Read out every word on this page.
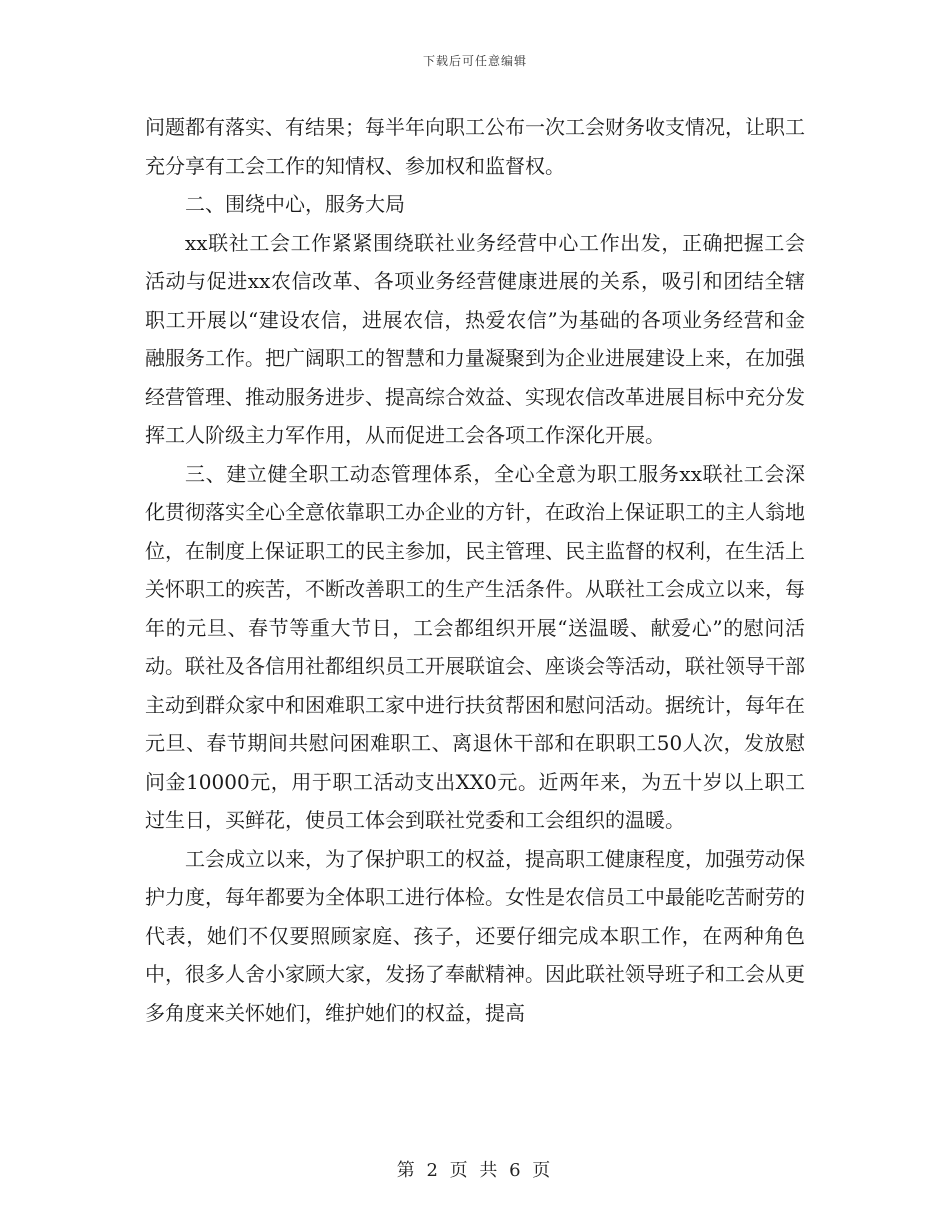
下载后可任意编辑

问题都有落实、有结果；每半年向职工公布一次工会财务收支情况，让职工充分享有工会工作的知情权、参加权和监督权。

二、围绕中心，服务大局

xx联社工会工作紧紧围绕联社业务经营中心工作出发，正确把握工会活动与促进xx农信改革、各项业务经营健康进展的关系，吸引和团结全辖职工开展以“建设农信，进展农信，热爱农信”为基础的各项业务经营和金融服务工作。把广阔职工的智慧和力量凝聚到为企业进展建设上来，在加强经营管理、推动服务进步、提高综合效益、实现农信改革进展目标中充分发挥工人阶级主力军作用，从而促进工会各项工作深化开展。

三、建立健全职工动态管理体系，全心全意为职工服务xx联社工会深化贯彻落实全心全意依靠职工办企业的方针，在政治上保证职工的主人翁地位，在制度上保证职工的民主参加，民主管理、民主监督的权利，在生活上关怀职工的疾苦，不断改善职工的生产生活条件。从联社工会成立以来，每年的元旦、春节等重大节日，工会都组织开展“送温暖、献爱心”的慰问活动。联社及各信用社都组织员工开展联谊会、座谈会等活动，联社领导干部主动到群众家中和困难职工家中进行扶贫帮困和慰问活动。据统计，每年在元旦、春节期间共慰问困难职工、离退休干部和在职职工50人次，发放慰问金10000元，用于职工活动支出XX0元。近两年来，为五十岁以上职工过生日，买鲜花，使员工体会到联社党委和工会组织的温暖。

工会成立以来，为了保护职工的权益，提高职工健康程度，加强劳动保护力度，每年都要为全体职工进行体检。女性是农信员工中最能吃苦耐劳的代表，她们不仅要照顾家庭、孩子，还要仔细完成本职工作，在两种角色中，很多人舍小家顾大家，发扬了奉献精神。因此联社领导班子和工会从更多角度来关怀她们，维护她们的权益，提高

第 2 页 共 6 页
